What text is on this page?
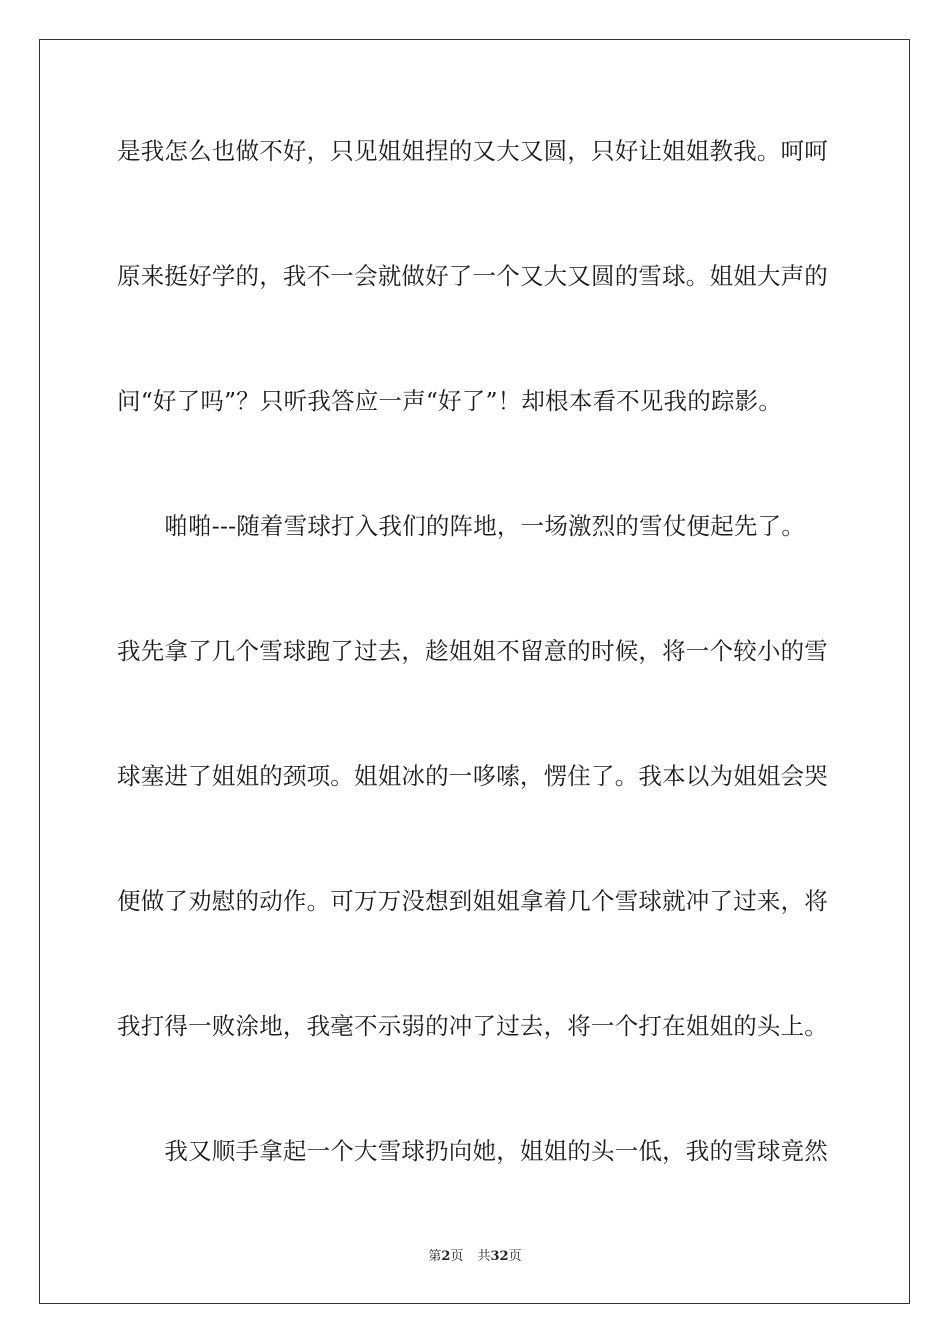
是我怎么也做不好，只见姐姐捏的又大又圆，只好让姐姐教我。呵呵
原来挺好学的，我不一会就做好了一个又大又圆的雪球。姐姐大声的
问“好了吗”？只听我答应一声“好了”！却根本看不见我的踪影。
　　啪啪---随着雪球打入我们的阵地，一场激烈的雪仗便起先了。
我先拿了几个雪球跑了过去，趁姐姐不留意的时候，将一个较小的雪
球塞进了姐姐的颈项。姐姐冰的一哆嗦，愣住了。我本以为姐姐会哭
便做了劝慰的动作。可万万没想到姐姐拿着几个雪球就冲了过来，将
我打得一败涂地，我毫不示弱的冲了过去，将一个打在姐姐的头上。
　　我又顺手拿起一个大雪球扔向她，姐姐的头一低，我的雪球竟然
第2页 共32页
